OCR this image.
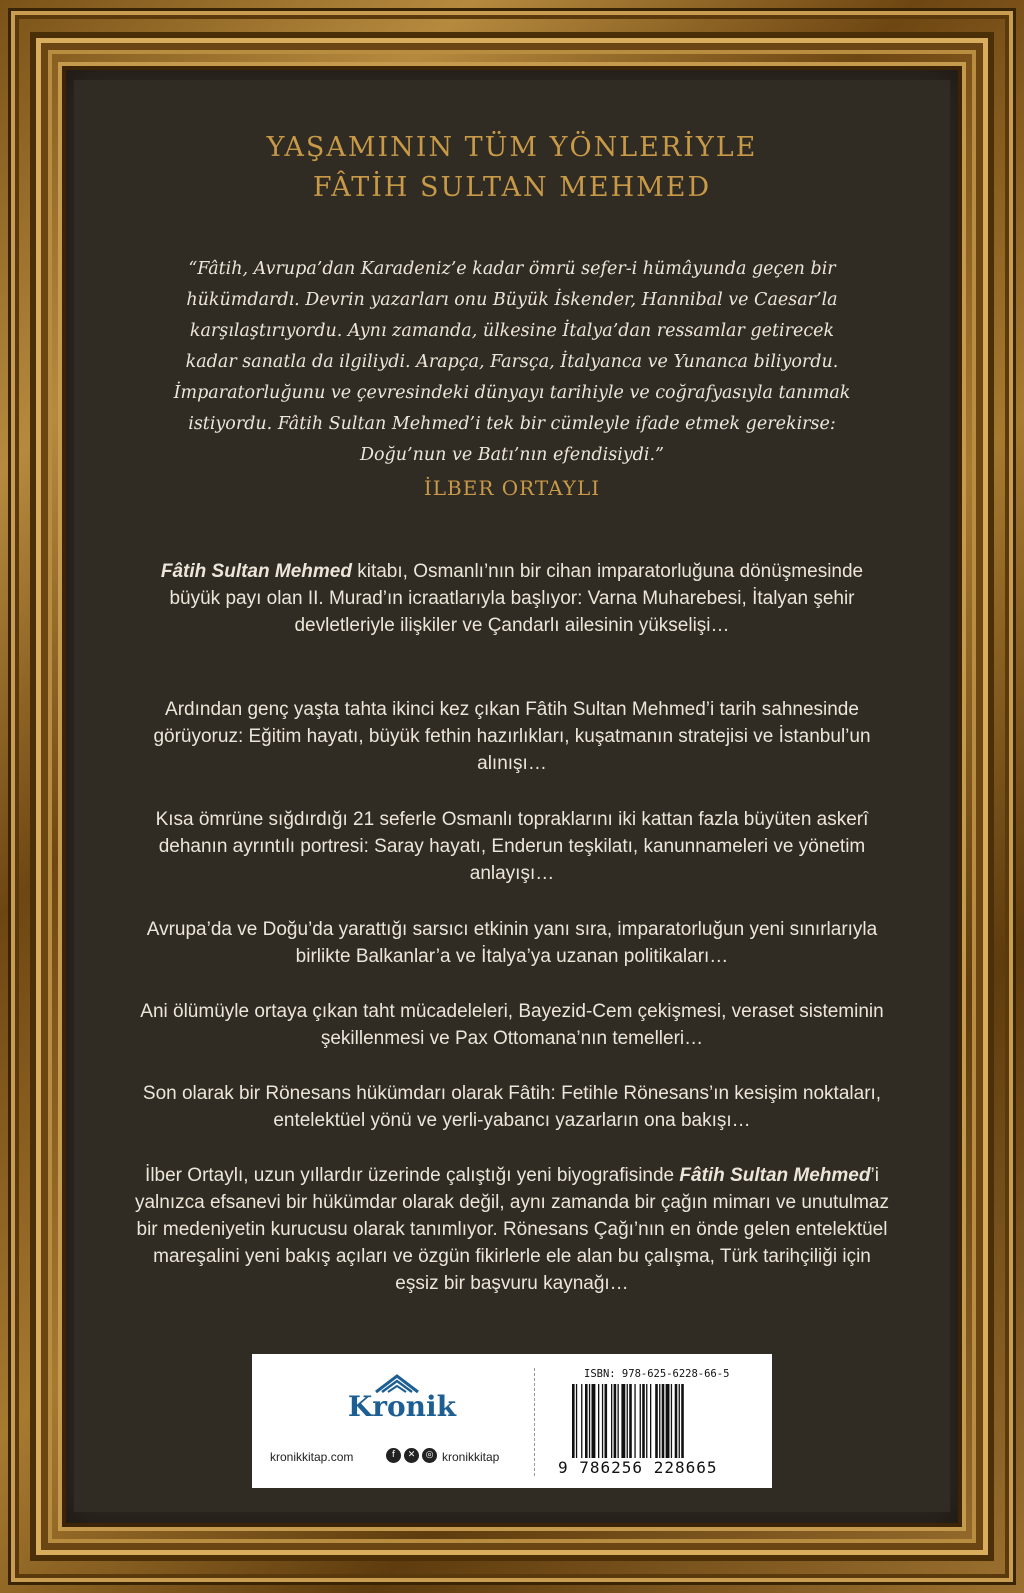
YAŞAMININ TÜM YÖNLERİYLE
FÂTİH SULTAN MEHMED
“Fâtih, Avrupa’dan Karadeniz’e kadar ömrü sefer-i hümâyunda geçen bir hükümdardı. Devrin yazarları onu Büyük İskender, Hannibal ve Caesar’la karşılaştırıyordu. Aynı zamanda, ülkesine İtalya’dan ressamlar getirecek kadar sanatla da ilgiliydi. Arapça, Farsça, İtalyanca ve Yunanca biliyordu. İmparatorluğunu ve çevresindeki dünyayı tarihiyle ve coğrafyasıyla tanımak istiyordu. Fâtih Sultan Mehmed’i tek bir cümleyle ifade etmek gerekirse: Doğu’nun ve Batı’nın efendisiydi.”
İLBER ORTAYLI
Fâtih Sultan Mehmed kitabı, Osmanlı’nın bir cihan imparatorluğuna dönüşmesinde büyük payı olan II. Murad’ın icraatlarıyla başlıyor: Varna Muharebesi, İtalyan şehir devletleriyle ilişkiler ve Çandarlı ailesinin yükselişi…
Ardından genç yaşta tahta ikinci kez çıkan Fâtih Sultan Mehmed’i tarih sahnesinde görüyoruz: Eğitim hayatı, büyük fethin hazırlıkları, kuşatmanın stratejisi ve İstanbul’un alınışı…
Kısa ömrüne sığdırdığı 21 seferle Osmanlı topraklarını iki kattan fazla büyüten askerî dehanın ayrıntılı portresi: Saray hayatı, Enderun teşkilatı, kanunnameleri ve yönetim anlayışı…
Avrupa’da ve Doğu’da yarattığı sarsıcı etkinin yanı sıra, imparatorluğun yeni sınırlarıyla birlikte Balkanlar’a ve İtalya’ya uzanan politikaları…
Ani ölümüyle ortaya çıkan taht mücadeleleri, Bayezid-Cem çekişmesi, veraset sisteminin şekillenmesi ve Pax Ottomana’nın temelleri…
Son olarak bir Rönesans hükümdarı olarak Fâtih: Fetihle Rönesans’ın kesişim noktaları, entelektüel yönü ve yerli-yabancı yazarların ona bakışı…
İlber Ortaylı, uzun yıllardır üzerinde çalıştığı yeni biyografisinde Fâtih Sultan Mehmed’i yalnızca efsanevi bir hükümdar olarak değil, aynı zamanda bir çağın mimarı ve unutulmaz bir medeniyetin kurucusu olarak tanımlıyor. Rönesans Çağı’nın en önde gelen entelektüel mareşalini yeni bakış açıları ve özgün fikirlerle ele alan bu çalışma, Türk tarihçiliği için eşsiz bir başvuru kaynağı…
Kronik
kronikkitap.com	f	✕	◎ kronikkitap
ISBN: 978-625-6228-66-5
9 786256 228665
